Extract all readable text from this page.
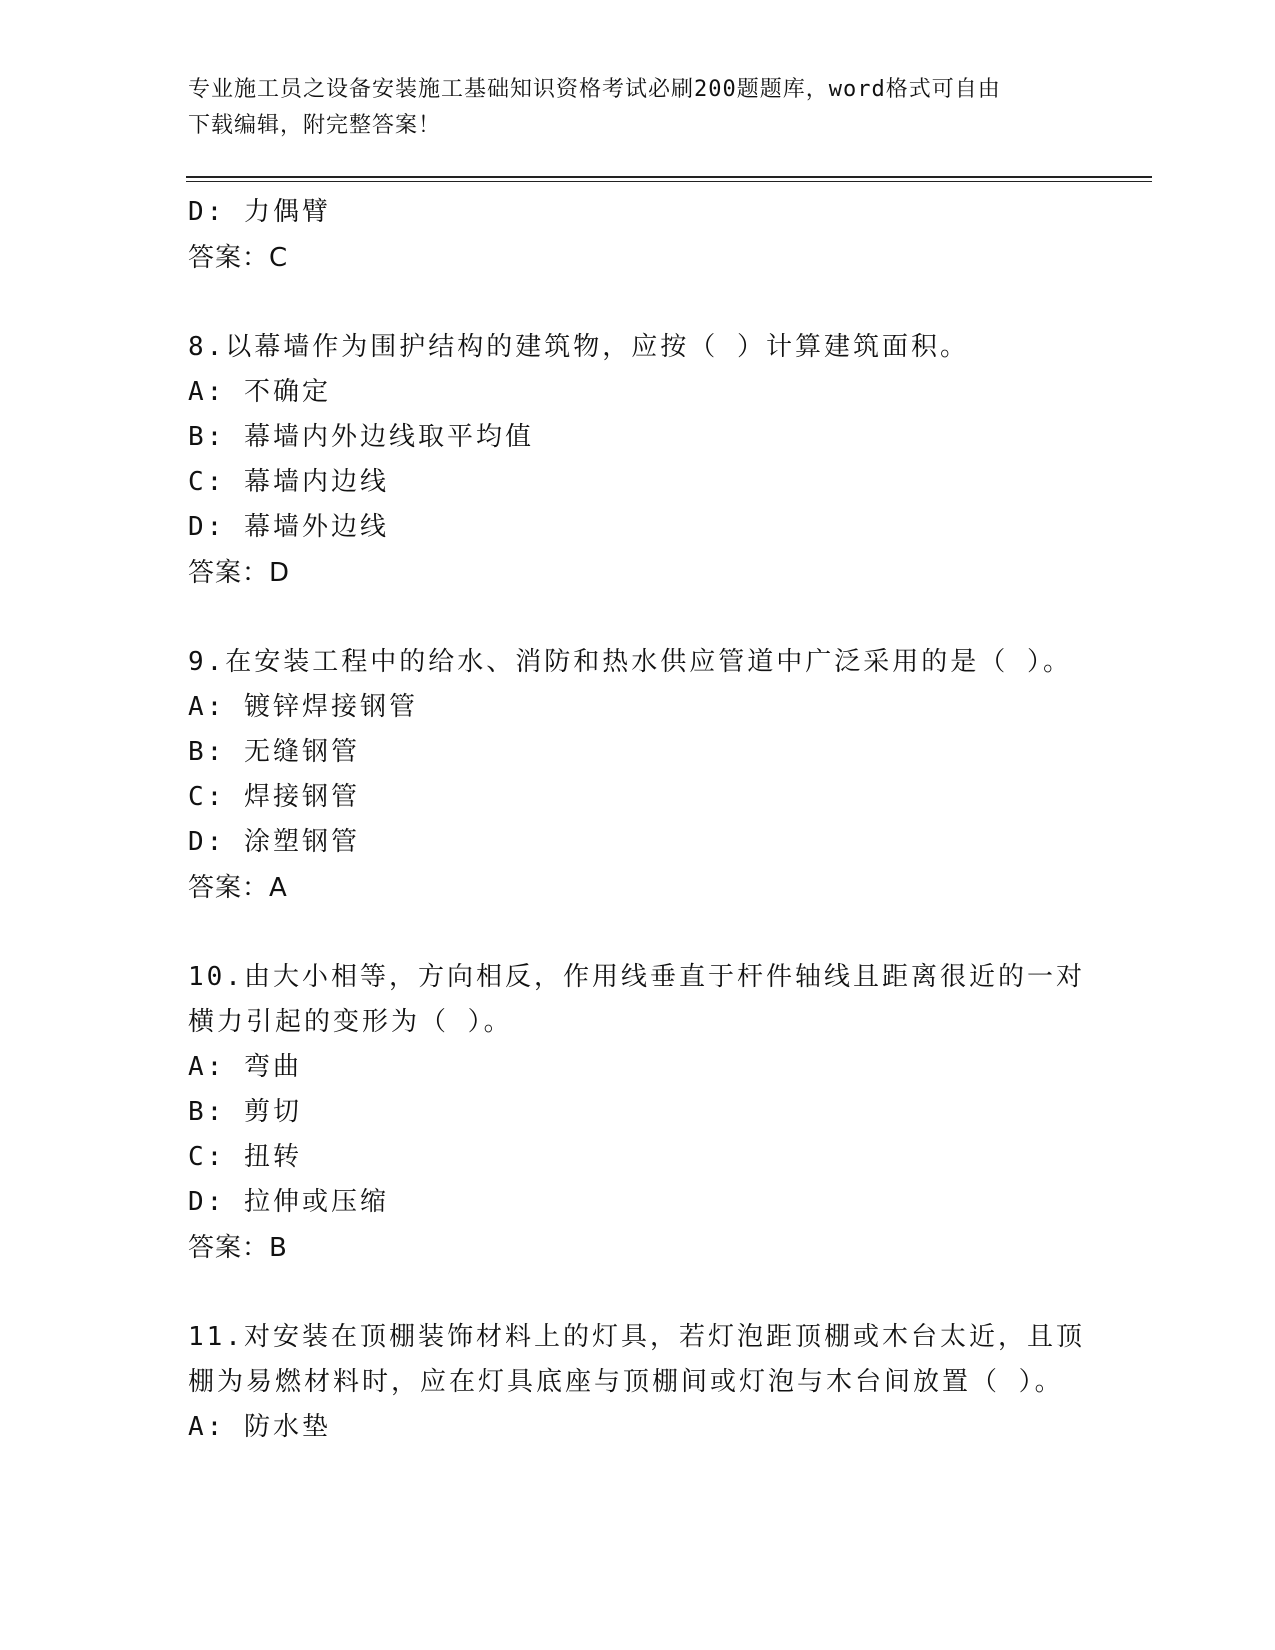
专业施工员之设备安装施工基础知识资格考试必刷200题题库，word格式可自由
下载编辑，附完整答案！
D: 力偶臂
答案：C
8.以幕墙作为围护结构的建筑物，应按（ ）计算建筑面积。
A: 不确定
B: 幕墙内外边线取平均值
C: 幕墙内边线
D: 幕墙外边线
答案：D
9.在安装工程中的给水、消防和热水供应管道中广泛采用的是（ ）。
A: 镀锌焊接钢管
B: 无缝钢管
C: 焊接钢管
D: 涂塑钢管
答案：A
10.由大小相等，方向相反，作用线垂直于杆件轴线且距离很近的一对
横力引起的变形为（ ）。
A: 弯曲
B: 剪切
C: 扭转
D: 拉伸或压缩
答案：B
11.对安装在顶棚装饰材料上的灯具，若灯泡距顶棚或木台太近，且顶
棚为易燃材料时，应在灯具底座与顶棚间或灯泡与木台间放置（ ）。
A: 防水垫
